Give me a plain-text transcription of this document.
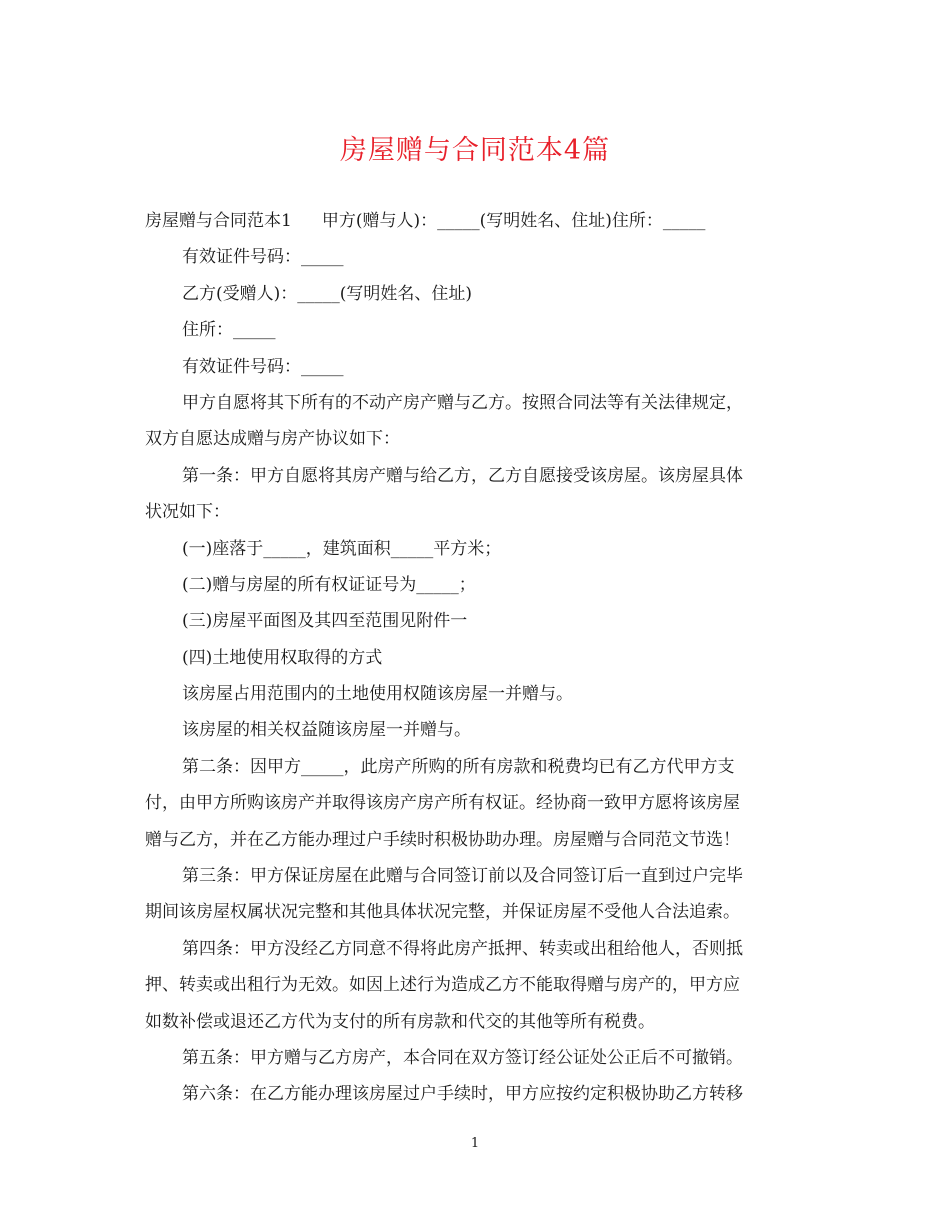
房屋赠与合同范本4篇
房屋赠与合同范本1 甲方(赠与人)：_____(写明姓名、住址)住所：_____
有效证件号码：_____
乙方(受赠人)：_____(写明姓名、住址)
住所：_____
有效证件号码：_____
甲方自愿将其下所有的不动产房产赠与乙方。按照合同法等有关法律规定，
双方自愿达成赠与房产协议如下：
第一条：甲方自愿将其房产赠与给乙方，乙方自愿接受该房屋。该房屋具体
状况如下：
(一)座落于_____，建筑面积_____平方米；
(二)赠与房屋的所有权证证号为_____；
(三)房屋平面图及其四至范围见附件一
(四)土地使用权取得的方式
该房屋占用范围内的土地使用权随该房屋一并赠与。
该房屋的相关权益随该房屋一并赠与。
第二条：因甲方_____，此房产所购的所有房款和税费均已有乙方代甲方支
付，由甲方所购该房产并取得该房产房产所有权证。经协商一致甲方愿将该房屋
赠与乙方，并在乙方能办理过户手续时积极协助办理。房屋赠与合同范文节选！
第三条：甲方保证房屋在此赠与合同签订前以及合同签订后一直到过户完毕
期间该房屋权属状况完整和其他具体状况完整，并保证房屋不受他人合法追索。
第四条：甲方没经乙方同意不得将此房产抵押、转卖或出租给他人，否则抵
押、转卖或出租行为无效。如因上述行为造成乙方不能取得赠与房产的，甲方应
如数补偿或退还乙方代为支付的所有房款和代交的其他等所有税费。
第五条：甲方赠与乙方房产，本合同在双方签订经公证处公正后不可撤销。
第六条：在乙方能办理该房屋过户手续时，甲方应按约定积极协助乙方转移
1
